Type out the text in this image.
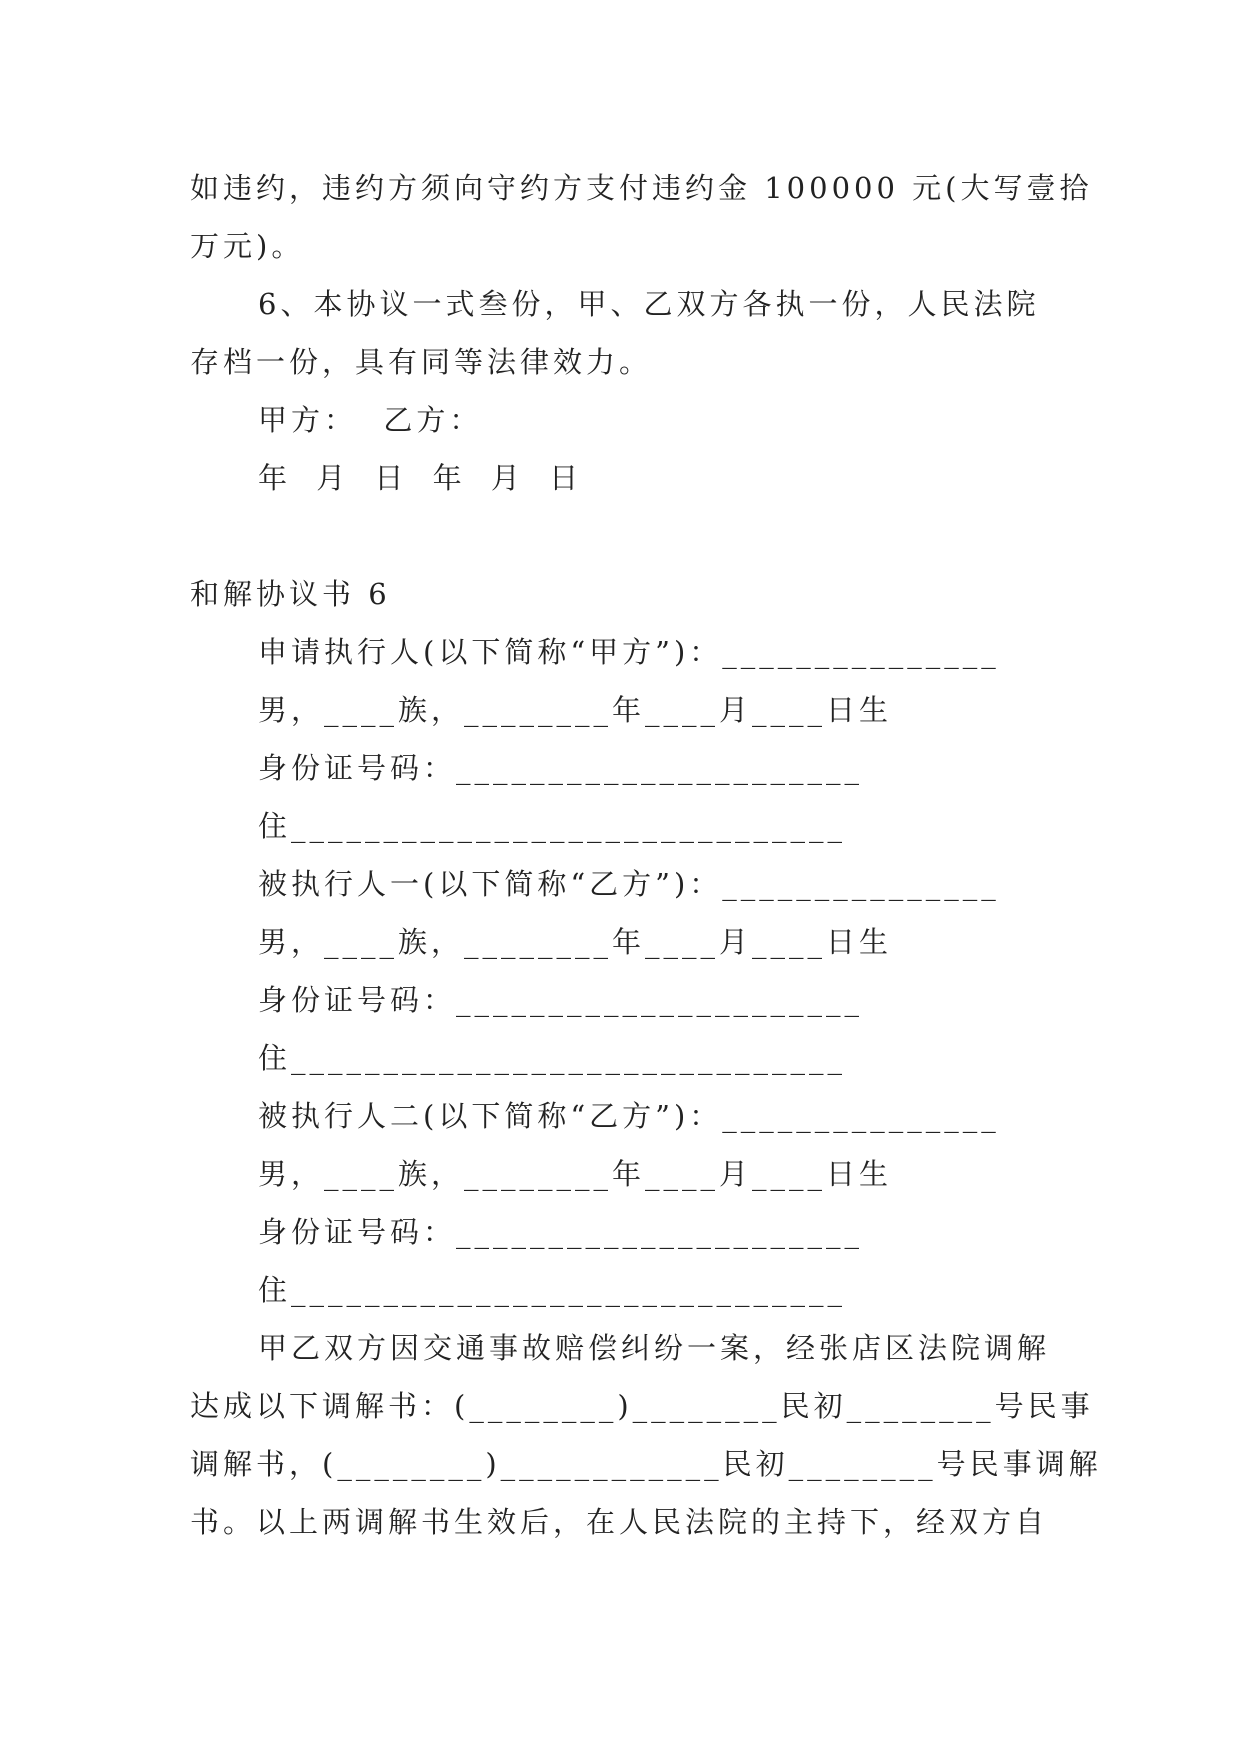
如违约，违约方须向守约方支付违约金 100000 元(大写壹拾
万元)。
6、本协议一式叁份，甲、乙双方各执一份，人民法院
存档一份，具有同等法律效力。
甲方：  乙方：
年 月 日 年 月 日
和解协议书 6
申请执行人(以下简称“甲方”)：_______________
男，____族，________年____月____日生
身份证号码：______________________
住______________________________
被执行人一(以下简称“乙方”)：_______________
男，____族，________年____月____日生
身份证号码：______________________
住______________________________
被执行人二(以下简称“乙方”)：_______________
男，____族，________年____月____日生
身份证号码：______________________
住______________________________
甲乙双方因交通事故赔偿纠纷一案，经张店区法院调解
达成以下调解书：(________)________民初________号民事
调解书，(________)____________民初________号民事调解
书。以上两调解书生效后，在人民法院的主持下，经双方自
